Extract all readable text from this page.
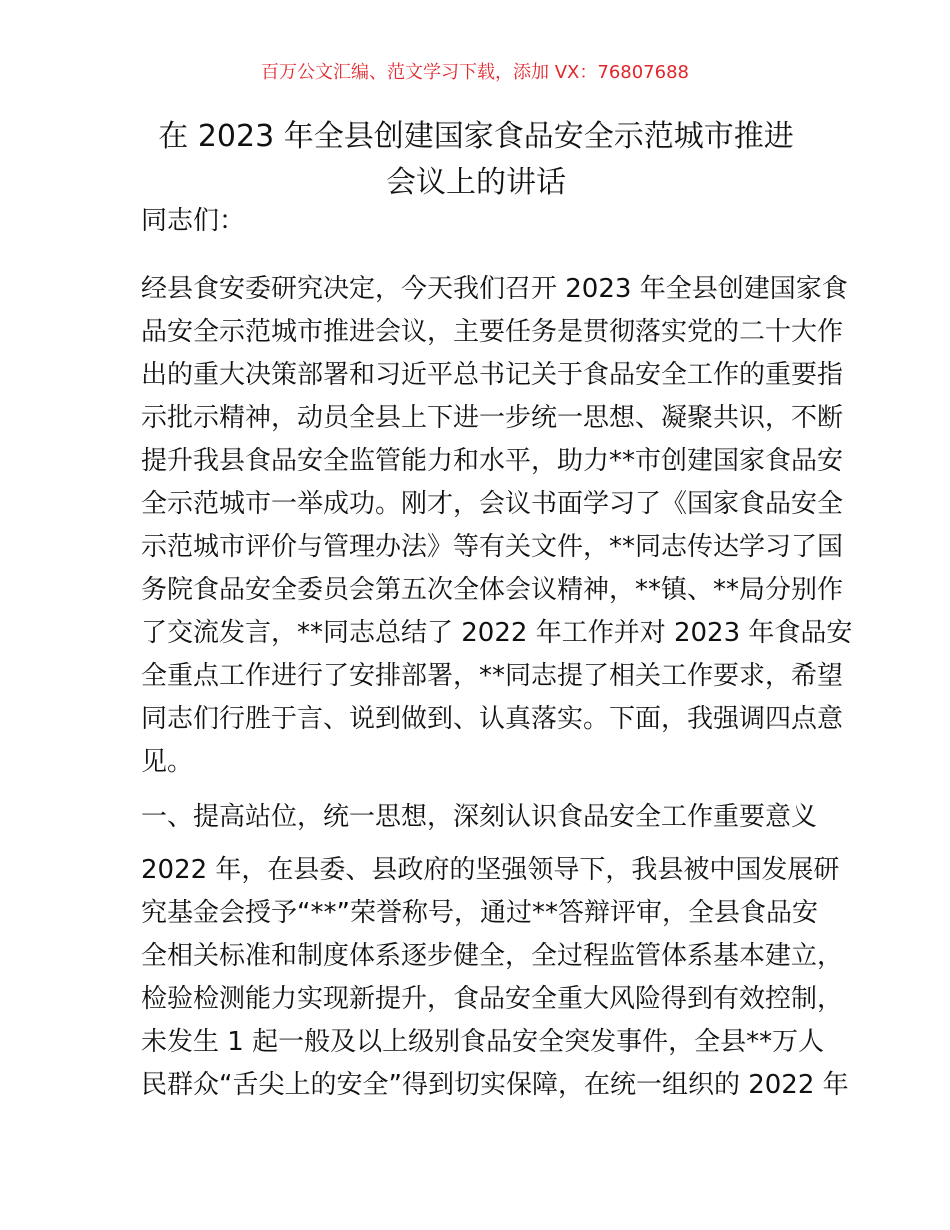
百万公文汇编、范文学习下载，添加 VX：76807688
在 2023 年全县创建国家食品安全示范城市推进
会议上的讲话
同志们：
经县食安委研究决定，今天我们召开 2023 年全县创建国家食
品安全示范城市推进会议，主要任务是贯彻落实党的二十大作
出的重大决策部署和习近平总书记关于食品安全工作的重要指
示批示精神，动员全县上下进一步统一思想、凝聚共识，不断
提升我县食品安全监管能力和水平，助力**市创建国家食品安
全示范城市一举成功。刚才，会议书面学习了《国家食品安全
示范城市评价与管理办法》等有关文件，**同志传达学习了国
务院食品安全委员会第五次全体会议精神，**镇、**局分别作
了交流发言，**同志总结了 2022 年工作并对 2023 年食品安
全重点工作进行了安排部署，**同志提了相关工作要求，希望
同志们行胜于言、说到做到、认真落实。下面，我强调四点意
见。
一、提高站位，统一思想，深刻认识食品安全工作重要意义
2022 年，在县委、县政府的坚强领导下，我县被中国发展研
究基金会授予“**”荣誉称号，通过**答辩评审，全县食品安
全相关标准和制度体系逐步健全，全过程监管体系基本建立，
检验检测能力实现新提升，食品安全重大风险得到有效控制，
未发生 1 起一般及以上级别食品安全突发事件，全县**万人
民群众“舌尖上的安全”得到切实保障，在统一组织的 2022 年
